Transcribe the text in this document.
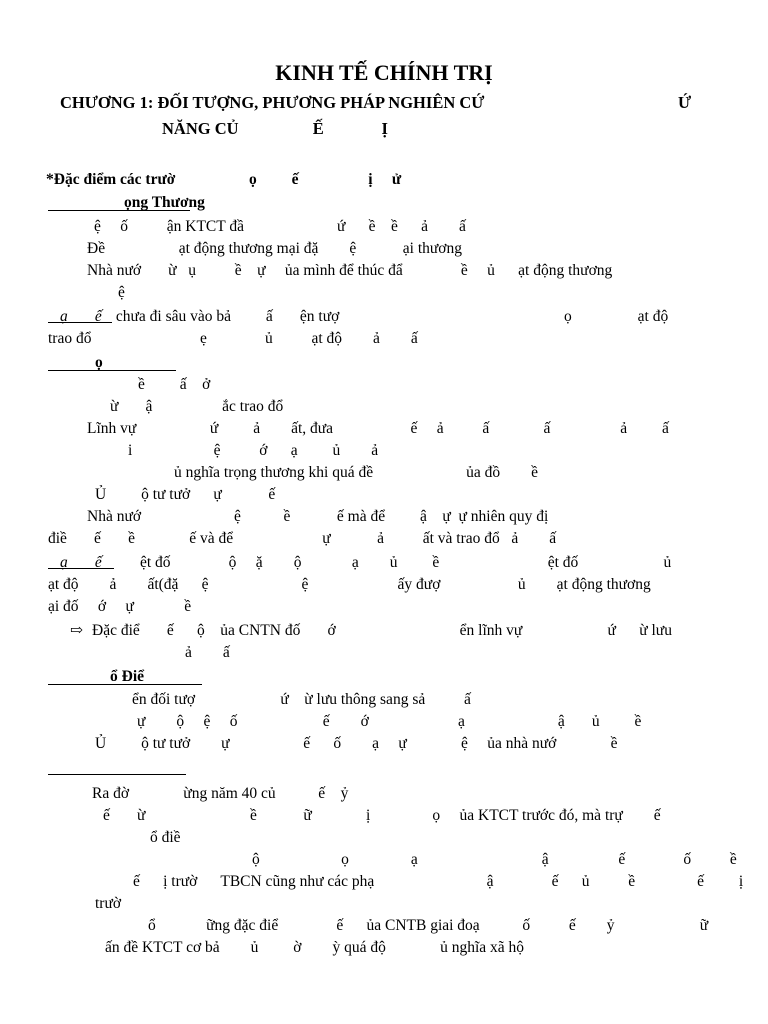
KINH TẾ CHÍNH TRỊ
CHƯƠNG 1: ĐỐI TƯỢNG, PHƯƠNG PHÁP NGHIÊN CỨ	Ứ
NĂNG CỦ                  Ế              Ị
*Đặc điểm các trườ                   ọ         ế                  ị     ử
ọng Thương
ệ     ố          ận KTCT đầ                        ứ      ề    ề      ả        ấ
Đề                   ạt động thương mại đặ        ệ            ại thương
Nhà nướ       ừ   ụ          ề    ự     ủa mình để thúc đẩ               ề     ủ      ạt động thương
ệ
ạ       ế chưa đi sâu vào bả         ấ       ện tượ                                                          ọ                 ạt độ
trao đổ                            ẹ               ủ          ạt độ        ả        ấ
ọ
ề         ấ    ở
ừ       ậ                  ắc trao đổ
Lĩnh vự                   ứ         ả        ất, đưa                    ế     ả          ấ              ấ                  ả         ấ
i                     ệ          ớ      ạ         ủ        ả
ủ nghĩa trọng thương khi quá đề                        ủa đồ        ề
Ủ         ộ tư tưở      ự            ế
Nhà nướ                        ệ           ề            ế mà để         ậ    ự  ự nhiên quy đị
điề       ế       ề              ế và để                       ự            ả          ất và trao đổ   ả        ấ
ạ       ế ệt đố               ộ     ặ        ộ             ạ        ủ         ề                            ệt đố                      ủ
ạt độ        ả        ất(đặ      ệ                        ệ                       ấy đượ                    ủ        ạt động thương
ại đố     ớ     ự             ề
⇨ Đặc điể       ế      ộ    ủa CNTN đố       ớ                                ển lĩnh vự                      ứ      ừ lưu
ả        ấ
ổ Điể
ển đối tượ                      ứ    ừ lưu thông sang sả          ấ
ự        ộ     ệ     ố                      ế        ớ                       ạ                        ậ       ủ         ề
Ủ         ộ tư tưở        ự                   ế      ố        ạ     ự              ệ     ủa nhà nướ              ề
Ra đờ              ừng năm 40 củ           ế    ỷ
ế       ừ                           ề            ữ              ị                ọ     ủa KTCT trước đó, mà trự        ế
ổ điề
ộ                     ọ                ạ                                ậ                  ế               ố          ề
ế      ị trườ      TBCN cũng như các phạ                             ậ               ế      ủ          ề                ế         ị
trườ
ổ             ững đặc điể               ế      ủa CNTB giai đoạ           ố          ế        ỷ                      ữ
ấn đề KTCT cơ bả        ủ         ờ        ỳ quá độ              ủ nghĩa xã hộ
